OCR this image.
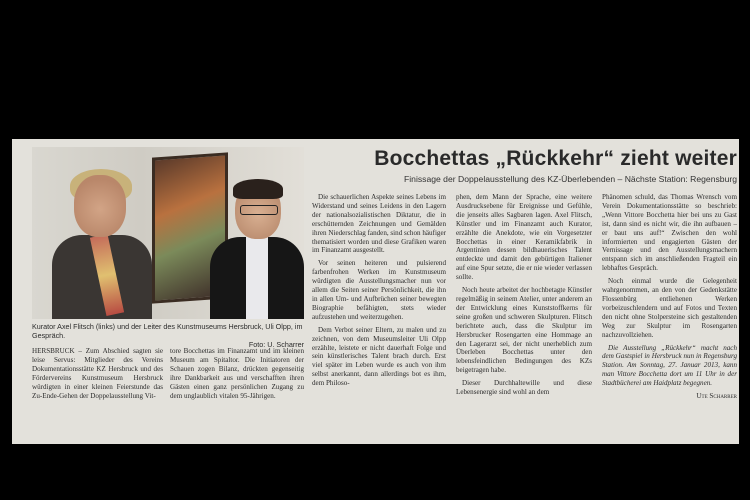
Kurator Axel Flitsch (links) und der Leiter des Kunstmuseums Hersbruck, Uli Olpp, im Gespräch.
Foto: U. Scharrer
Bocchettas „Rückkehr“ zieht weiter
Finissage der Doppelausstellung des KZ-Überlebenden – Nächste Station: Regensburg

HERSBRUCK – Zum Abschied sagten sie leise Servus: Mitglieder des Vereins Dokumentationsstätte KZ Hersbruck und des Fördervereins Kunstmuseum Hersbruck würdigten in einer kleinen Feierstunde das Zu-Ende-Gehen der Doppelausstellung Vit-

tore Bocchettas im Finanzamt und im kleinen Museum am Spitaltor. Die Initiatoren der Schauen zogen Bilanz, drückten gegenseitig ihre Dankbarkeit aus und verschafften ihren Gästen einen ganz persönlichen Zugang zu dem unglaublich vitalen 95-Jährigen.

Die schauerlichen Aspekte seines Lebens im Widerstand und seines Leidens in den Lagern der nationalsozialistischen Diktatur, die in erschütternden Zeichnungen und Gemälden ihren Niederschlag fanden, sind schon häufiger thematisiert worden und diese Grafiken waren im Finanzamt ausgestellt.

Vor seinen heiteren und pulsierend farbenfrohen Werken im Kunstmuseum würdigten die Ausstellungsmacher nun vor allem die Seiten seiner Persönlichkeit, die ihn in allen Um- und Aufbrüchen seiner bewegten Biographie befähigten, stets wieder aufzustehen und weiterzugehen.

Dem Verbot seiner Eltern, zu malen und zu zeichnen, von dem Museumsleiter Uli Olpp erzählte, leistete er nicht dauerhaft Folge und sein künstlerisches Talent brach durch. Erst viel später im Leben wurde es auch von ihm selbst anerkannt, dann allerdings bot es ihm, dem Philoso-

phen, dem Mann der Sprache, eine weitere Ausdrucksebene für Ereignisse und Gefühle, die jenseits alles Sagbaren lagen. Axel Flitsch, Künstler und im Finanzamt auch Kurator, erzählte die Anekdote, wie ein Vorgesetzter Bocchettas in einer Keramikfabrik in Argentinien dessen bildhauerisches Talent entdeckte und damit den gebürtigen Italiener auf eine Spur setzte, die er nie wieder verlassen sollte.

Noch heute arbeitet der hochbetagte Künstler regelmäßig in seinem Atelier, unter anderem an der Entwicklung eines Kunststoffkerns für seine großen und schweren Skulpturen. Flitsch berichtete auch, dass die Skulptur im Hersbrucker Rosengarten eine Hommage an den Lagerarzt sei, der nicht unerheblich zum Überleben Bocchettas unter den lebensfeindlichen Bedingungen des KZs beigetragen habe.

Dieser Durchhaltewille und diese Lebensenergie sind wohl an dem

Phänomen schuld, das Thomas Wrensch vom Verein Dokumentationsstätte so beschrieb: „Wenn Vittore Bocchetta hier bei uns zu Gast ist, dann sind es nicht wir, die ihn aufbauen – er baut uns auf!“ Zwischen den wohl informierten und engagierten Gästen der Vernissage und den Ausstellungsmachern entspann sich im anschließenden Fragteil ein lebhaftes Gespräch.

Noch einmal wurde die Gelegenheit wahrgenommen, an den von der Gedenkstätte Flossenbürg entliehenen Werken vorbeizuschlendern und auf Fotos und Texten den nicht ohne Stolpersteine sich gestaltenden Weg zur Skulptur im Rosengarten nachzuvollziehen.

Die Ausstellung „Rückkehr“ macht nach dem Gastspiel in Hersbruck nun in Regensburg Station. Am Sonntag, 27. Januar 2013, kann man Vittore Bocchetta dort um 11 Uhr in der Stadtbücherei am Haidplatz begegnen.

Ute Scharrer
